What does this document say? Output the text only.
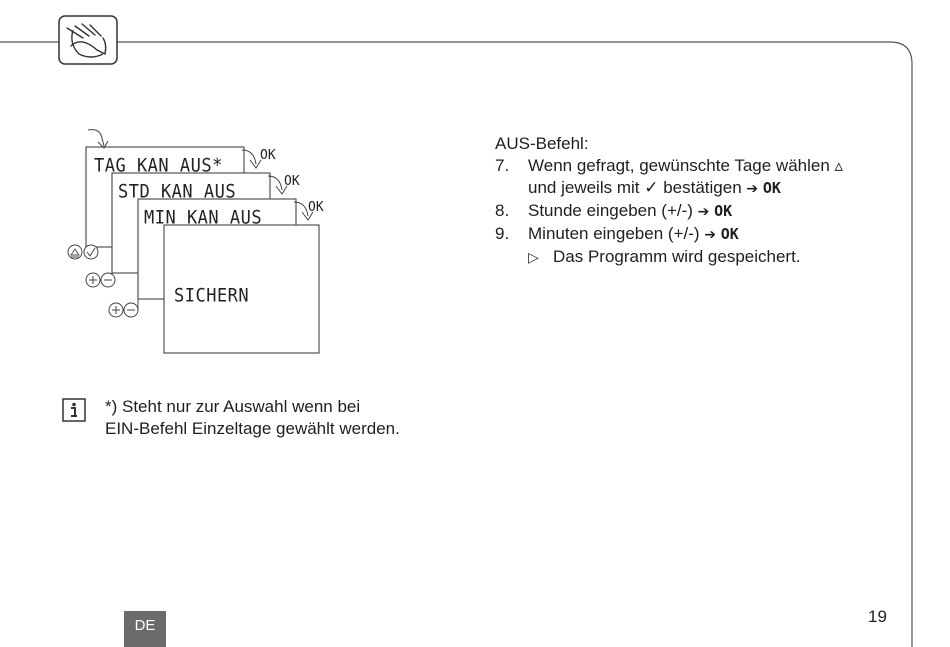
TAG KAN AUS*
STD KAN AUS
MIN KAN AUS
SICHERN
OK
OK
OK
AUS-Befehl:
7. Wenn gefragt, gewünschte Tage wählen ▵
und jeweils mit ✓ bestätigen ➔ OK
8. Stunde eingeben (+/-) ➔ OK
9. Minuten eingeben (+/-) ➔ OK
▷ Das Programm wird gespeichert.
*) Steht nur zur Auswahl wenn bei
EIN-Befehl Einzeltage gewählt werden.
DE	19
